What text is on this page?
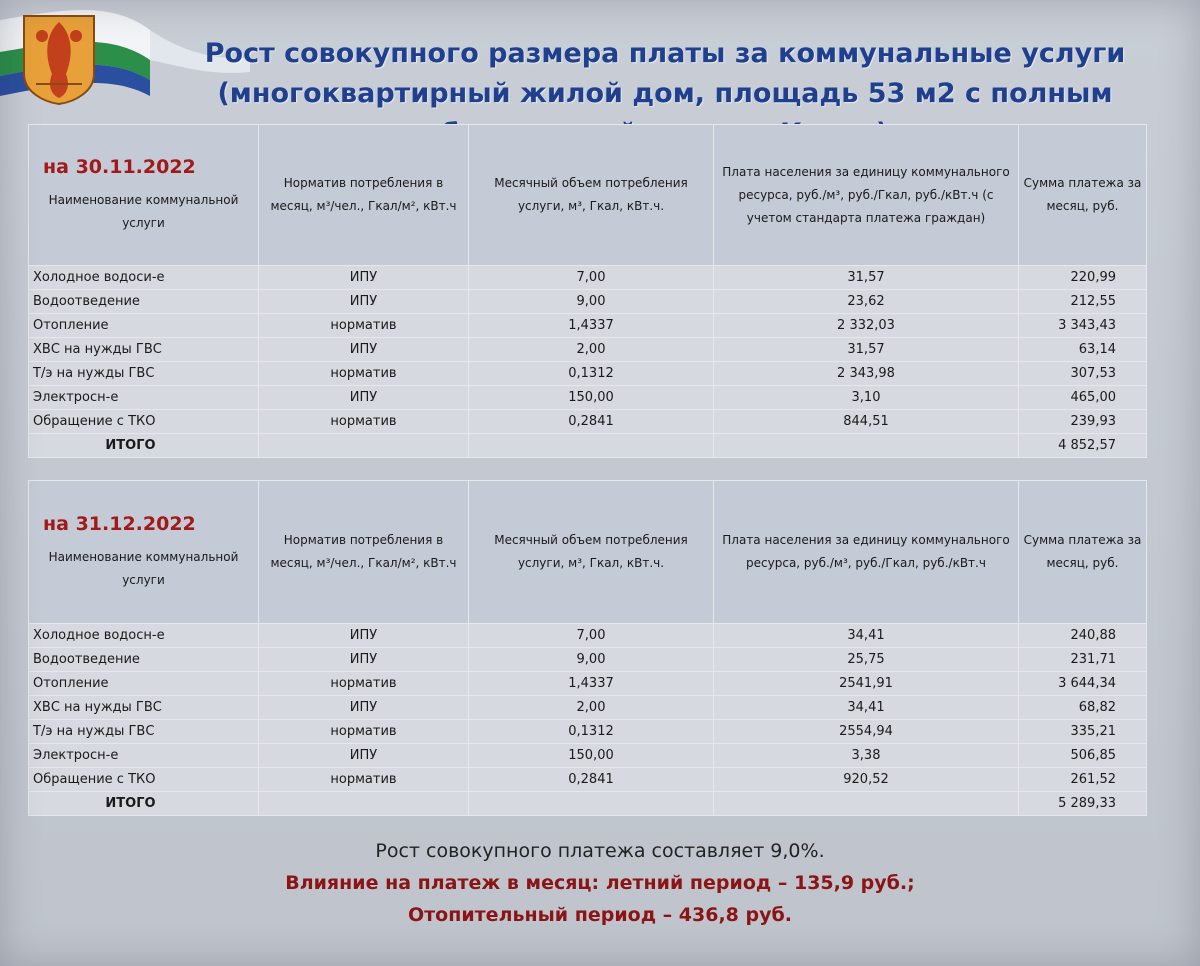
Рост совокупного размера платы за коммунальные услуги (многоквартирный жилой дом, площадь 53 м2 с полным
на 30.11.2022
Наименование коммунальной услуги	Норматив потребления в месяц, м³/чел., Гкал/м², кВт.ч	Месячный объем потребления услуги, м³, Гкал, кВт.ч.	Плата населения за единицу коммунального ресурса, руб./м³, руб./Гкал, руб./кВт.ч (с учетом стандарта платежа граждан)	Сумма платежа за месяц, руб.
Холодное водоси-е	ИПУ	7,00	31,57	220,99
Водоотведение	ИПУ	9,00	23,62	212,55
Отопление	норматив	1,4337	2 332,03	3 343,43
ХВС на нужды ГВС	ИПУ	2,00	31,57	63,14
Т/э на нужды ГВС	норматив	0,1312	2 343,98	307,53
Электросн-е	ИПУ	150,00	3,10	465,00
Обращение с ТКО	норматив	0,2841	844,51	239,93
ИТОГО				4 852,57
на 31.12.2022
Наименование коммунальной услуги	Норматив потребления в месяц, м³/чел., Гкал/м², кВт.ч	Месячный объем потребления услуги, м³, Гкал, кВт.ч.	Плата населения за единицу коммунального ресурса, руб./м³, руб./Гкал, руб./кВт.ч	Сумма платежа за месяц, руб.
Холодное водосн-е	ИПУ	7,00	34,41	240,88
Водоотведение	ИПУ	9,00	25,75	231,71
Отопление	норматив	1,4337	2541,91	3 644,34
ХВС на нужды ГВС	ИПУ	2,00	34,41	68,82
Т/э на нужды ГВС	норматив	0,1312	2554,94	335,21
Электросн-е	ИПУ	150,00	3,38	506,85
Обращение с ТКО	норматив	0,2841	920,52	261,52
ИТОГО				5 289,33
Рост совокупного платежа составляет 9,0%.
Влияние на платеж в месяц: летний период – 135,9 руб.;
Отопительный период – 436,8 руб.
